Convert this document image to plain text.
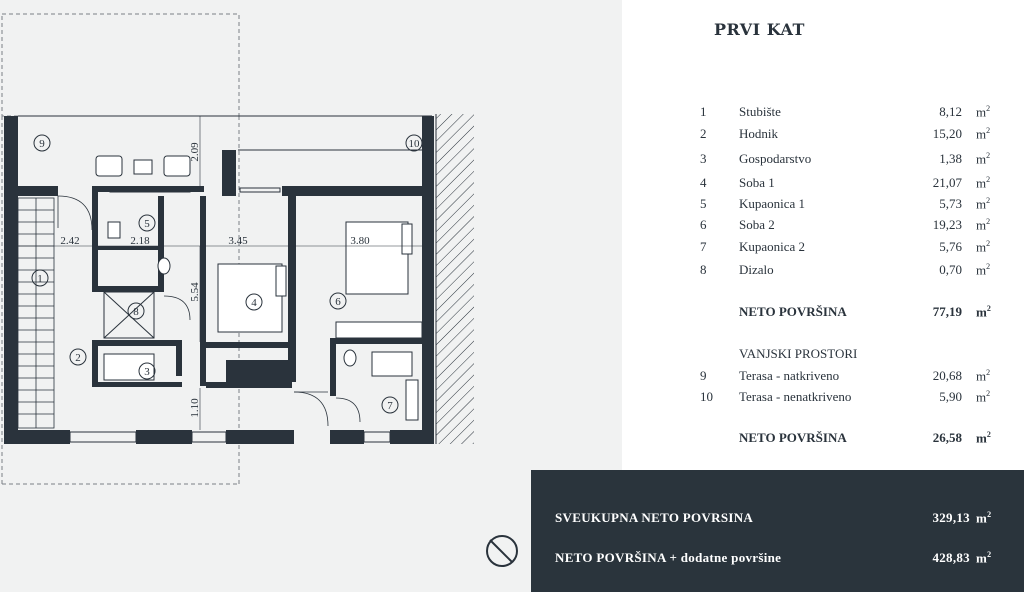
9	10
1
2
3
4
5
6
7
8
2.42	2.18	3.45	3.80
5.54
2.09
1.10
PRVI KAT
1	Stubište	8,12 $m^2$
2	Hodnik	15,20 $m^2$
3	Gospodarstvo	1,38 $m^2$
4	Soba 1	21,07 $m^2$
5	Kupaonica 1	5,73 $m^2$
6	Soba 2	19,23 $m^2$
7	Kupaonica 2	5,76 $m^2$
8	Dizalo	0,70 $m^2$
NETO POVRŠINA	77,19 $m^2$
VANJSKI PROSTORI
9	Terasa - natkriveno	20,68 $m^2$
10	Terasa - nenatkriveno	5,90 $m^2$
NETO POVRŠINA	26,58 $m^2$
SVEUKUPNA NETO POVRSINA	329,13 $m^2$
NETO POVRŠINA + dodatne površine	428,83 $m^2$
